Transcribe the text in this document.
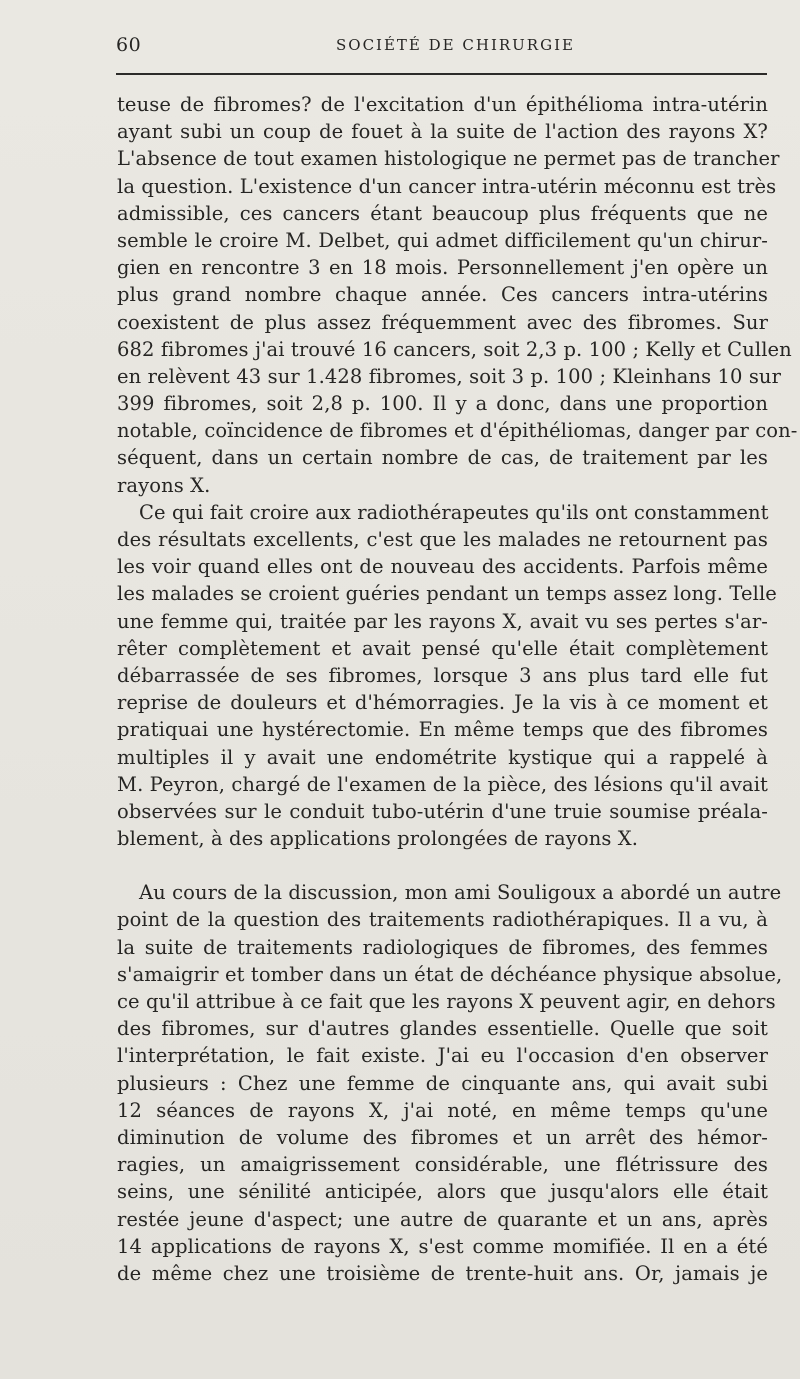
60	SOCIÉTÉ DE CHIRURGIE
teuse de fibromes? de l'excitation d'un épithélioma intra-utérin
ayant subi un coup de fouet à la suite de l'action des rayons X?
L'absence de tout examen histologique ne permet pas de trancher
la question. L'existence d'un cancer intra-utérin méconnu est très
admissible, ces cancers étant beaucoup plus fréquents que ne
semble le croire M. Delbet, qui admet difficilement qu'un chirur-
gien en rencontre 3 en 18 mois. Personnellement j'en opère un
plus grand nombre chaque année. Ces cancers intra-utérins
coexistent de plus assez fréquemment avec des fibromes. Sur
682 fibromes j'ai trouvé 16 cancers, soit 2,3 p. 100 ; Kelly et Cullen
en relèvent 43 sur 1.428 fibromes, soit 3 p. 100 ; Kleinhans 10 sur
399 fibromes, soit 2,8 p. 100. Il y a donc, dans une proportion
notable, coïncidence de fibromes et d'épithéliomas, danger par con-
séquent, dans un certain nombre de cas, de traitement par les
rayons X.
Ce qui fait croire aux radiothérapeutes qu'ils ont constamment
des résultats excellents, c'est que les malades ne retournent pas
les voir quand elles ont de nouveau des accidents. Parfois même
les malades se croient guéries pendant un temps assez long. Telle
une femme qui, traitée par les rayons X, avait vu ses pertes s'ar-
rêter complètement et avait pensé qu'elle était complètement
débarrassée de ses fibromes, lorsque 3 ans plus tard elle fut
reprise de douleurs et d'hémorragies. Je la vis à ce moment et
pratiquai une hystérectomie. En même temps que des fibromes
multiples il y avait une endométrite kystique qui a rappelé à
M. Peyron, chargé de l'examen de la pièce, des lésions qu'il avait
observées sur le conduit tubo-utérin d'une truie soumise préala-
blement, à des applications prolongées de rayons X.
Au cours de la discussion, mon ami Souligoux a abordé un autre
point de la question des traitements radiothérapiques. Il a vu, à
la suite de traitements radiologiques de fibromes, des femmes
s'amaigrir et tomber dans un état de déchéance physique absolue,
ce qu'il attribue à ce fait que les rayons X peuvent agir, en dehors
des fibromes, sur d'autres glandes essentielle. Quelle que soit
l'interprétation, le fait existe. J'ai eu l'occasion d'en observer
plusieurs : Chez une femme de cinquante ans, qui avait subi
12 séances de rayons X, j'ai noté, en même temps qu'une
diminution de volume des fibromes et un arrêt des hémor-
ragies, un amaigrissement considérable, une flétrissure des
seins, une sénilité anticipée, alors que jusqu'alors elle était
restée jeune d'aspect; une autre de quarante et un ans, après
14 applications de rayons X, s'est comme momifiée. Il en a été
de même chez une troisième de trente-huit ans. Or, jamais je
